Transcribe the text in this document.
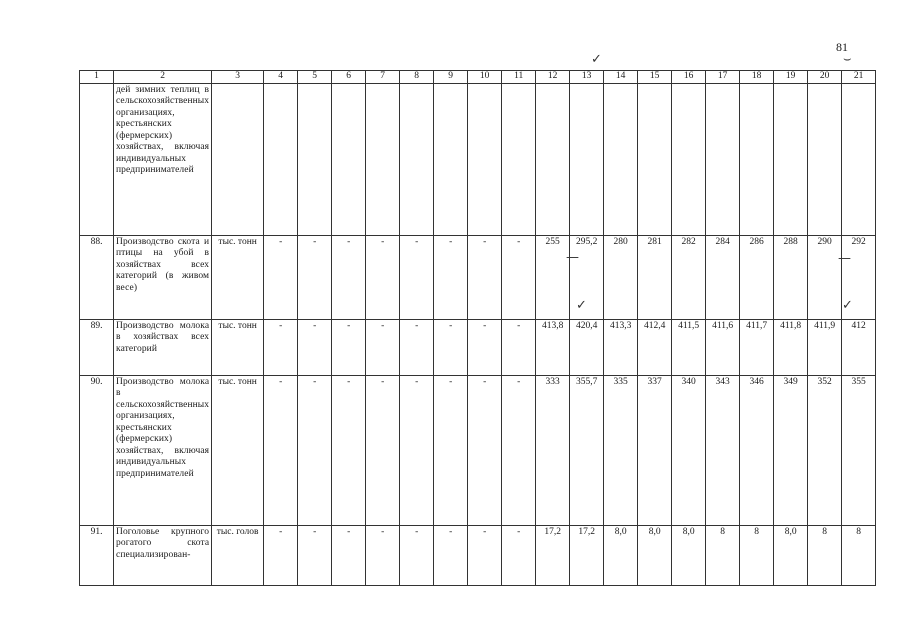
81
✓	⌣
—	—
✓	✓
1	2	3	4	5	6	7	8	9	10	11	12	13	14	15	16	17	18	19	20	21
	дей зимних теплиц в сельскохозяйственных организациях, крестьянских (фермерских) хозяйствах, включая индивидуальных предпринимателей																			
88.	Производство скота и птицы на убой в хозяйствах всех категорий (в живом весе)	тыс. тонн	-	-	-	-	-	-	-	-	255	295,2	280	281	282	284	286	288	290	292
89.	Производство молока в хозяйствах всех категорий	тыс. тонн	-	-	-	-	-	-	-	-	413,8	420,4	413,3	412,4	411,5	411,6	411,7	411,8	411,9	412
90.	Производство молока в сельскохозяйственных организациях, крестьянских (фермерских) хозяйствах, включая индивидуальных предпринимателей	тыс. тонн	-	-	-	-	-	-	-	-	333	355,7	335	337	340	343	346	349	352	355
91.	Поголовье крупного рогатого скота специализирован-	тыс. голов	-	-	-	-	-	-	-	-	17,2	17,2	8,0	8,0	8,0	8	8	8,0	8	8
